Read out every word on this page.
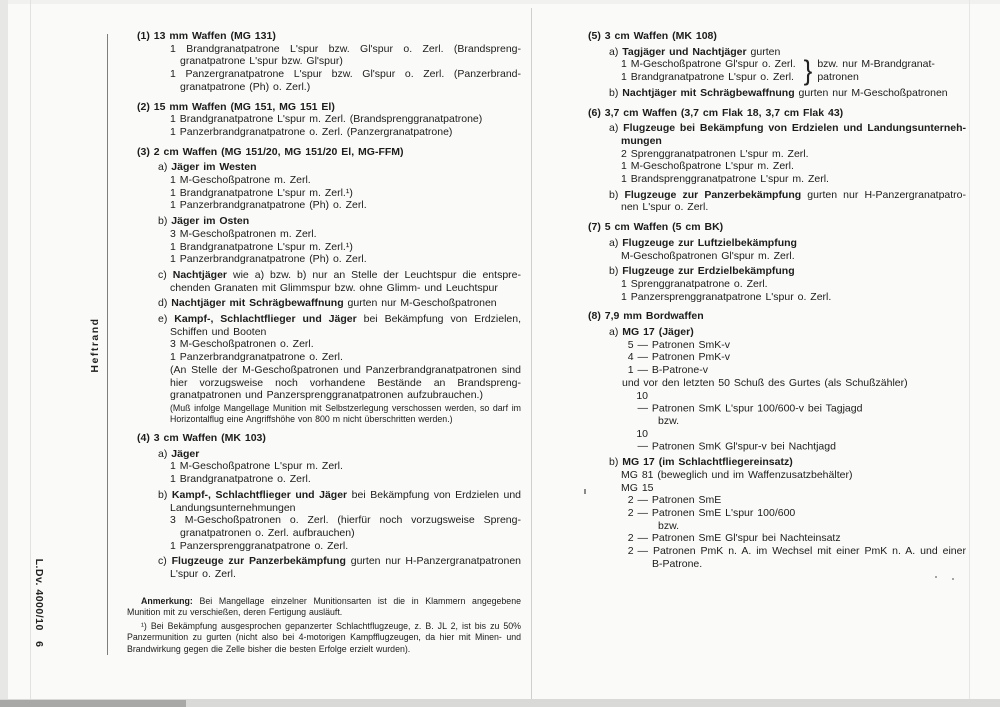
Heftrand
L.Dv. 4000/10   6
(1) 13 mm Waffen (MG 131)
1 Brandgranatpatrone L'spur bzw. Gl'spur o. Zerl. (Brandsprenggranatpatrone L'spur bzw. Gl'spur)
1 Panzergranatpatrone L'spur bzw. Gl'spur o. Zerl. (Panzerbrandgranatpatrone (Ph) o. Zerl.)
(2) 15 mm Waffen (MG 151, MG 151 El)
1 Brandgranatpatrone L'spur m. Zerl. (Brandsprenggranatpatrone)
1 Panzerbrandgranatpatrone o. Zerl. (Panzergranatpatrone)
(3) 2 cm Waffen (MG 151/20, MG 151/20 El, MG-FFM)
a) Jäger im Westen
1 M-Geschoßpatrone m. Zerl.
1 Brandgranatpatrone L'spur m. Zerl.¹)
1 Panzerbrandgranatpatrone (Ph) o. Zerl.
b) Jäger im Osten
3 M-Geschoßpatronen m. Zerl.
1 Brandgranatpatrone L'spur m. Zerl.¹)
1 Panzerbrandgranatpatrone (Ph) o. Zerl.
c) Nachtjäger wie a) bzw. b) nur an Stelle der Leuchtspur die entsprechenden Granaten mit Glimmspur bzw. ohne Glimm- und Leuchtspur
d) Nachtjäger mit Schrägbewaffnung gurten nur M-Geschoßpatronen
e) Kampf-, Schlachtflieger und Jäger bei Bekämpfung von Erdzielen, Schiffen und Booten
3 M-Geschoßpatronen o. Zerl.
1 Panzerbrandgranatpatrone o. Zerl.
(An Stelle der M-Geschoßpatronen und Panzerbrandgranatpatronen sind hier vorzugsweise noch vorhandene Bestände an Brandsprenggranatpatronen und Panzersprenggranatpatronen aufzubrauchen.)
(Muß infolge Mangellage Munition mit Selbstzerlegung verschossen werden, so darf im Horizontalflug eine Angriffshöhe von 800 m nicht überschritten werden.)
(4) 3 cm Waffen (MK 103)
a) Jäger
1 M-Geschoßpatrone L'spur m. Zerl.
1 Brandgranatpatrone o. Zerl.
b) Kampf-, Schlachtflieger und Jäger bei Bekämpfung von Erdzielen und Landungsunternehmungen
3 M-Geschoßpatronen o. Zerl. (hierfür noch vorzugsweise Sprenggranatpatronen o. Zerl. aufbrauchen)
1 Panzersprenggranatpatrone o. Zerl.
c) Flugzeuge zur Panzerbekämpfung gurten nur H-Panzergranatpatronen L'spur o. Zerl.
Anmerkung: Bei Mangellage einzelner Munitionsarten ist die in Klammern angegebene Munition mit zu verschießen, deren Fertigung ausläuft.
¹) Bei Bekämpfung ausgesprochen gepanzerter Schlachtflugzeuge, z. B. JL 2, ist bis zu 50% Panzermunition zu gurten (nicht also bei 4-motorigen Kampfflugzeugen, da hier mit Minen- und Brandwirkung gegen die Zelle bisher die besten Erfolge erzielt wurden).
(5) 3 cm Waffen (MK 108)
a) Tagjäger und Nachtjäger gurten
1 M-Geschoßpatrone Gl'spur o. Zerl.
1 Brandgranatpatrone L'spur o. Zerl. } bzw. nur M-Brandgranat-
patronen
b) Nachtjäger mit Schrägbewaffnung gurten nur M-Geschoßpatronen
(6) 3,7 cm Waffen (3,7 cm Flak 18, 3,7 cm Flak 43)
a) Flugzeuge bei Bekämpfung von Erdzielen und Landungsunternehmungen
2 Sprenggranatpatronen L'spur m. Zerl.
1 M-Geschoßpatrone L'spur m. Zerl.
1 Brandsprenggranatpatrone L'spur m. Zerl.
b) Flugzeuge zur Panzerbekämpfung gurten nur H-Panzergranatpatronen L'spur o. Zerl.
(7) 5 cm Waffen (5 cm BK)
a) Flugzeuge zur Luftzielbekämpfung
M-Geschoßpatronen Gl'spur m. Zerl.
b) Flugzeuge zur Erdzielbekämpfung
1 Sprenggranatpatrone o. Zerl.
1 Panzersprenggranatpatrone L'spur o. Zerl.
(8) 7,9 mm Bordwaffen
a) MG 17 (Jäger)
5 — Patronen SmK-v
4 — Patronen PmK-v
1 — B-Patrone-v
und vor den letzten 50 Schuß des Gurtes (als Schußzähler)
10 — Patronen SmK L'spur 100/600-v bei Tagjagd
bzw.
10 — Patronen SmK Gl'spur-v bei Nachtjagd
b) MG 17 (im Schlachtfliegereinsatz)
MG 81 (beweglich und im Waffenzusatzbehälter)
MG 15
2 — Patronen SmE
2 — Patronen SmE L'spur 100/600
bzw.
2 — Patronen SmE Gl'spur bei Nachteinsatz
2 — Patronen PmK n. A. im Wechsel mit einer PmK n. A. und einer B-Patrone.
